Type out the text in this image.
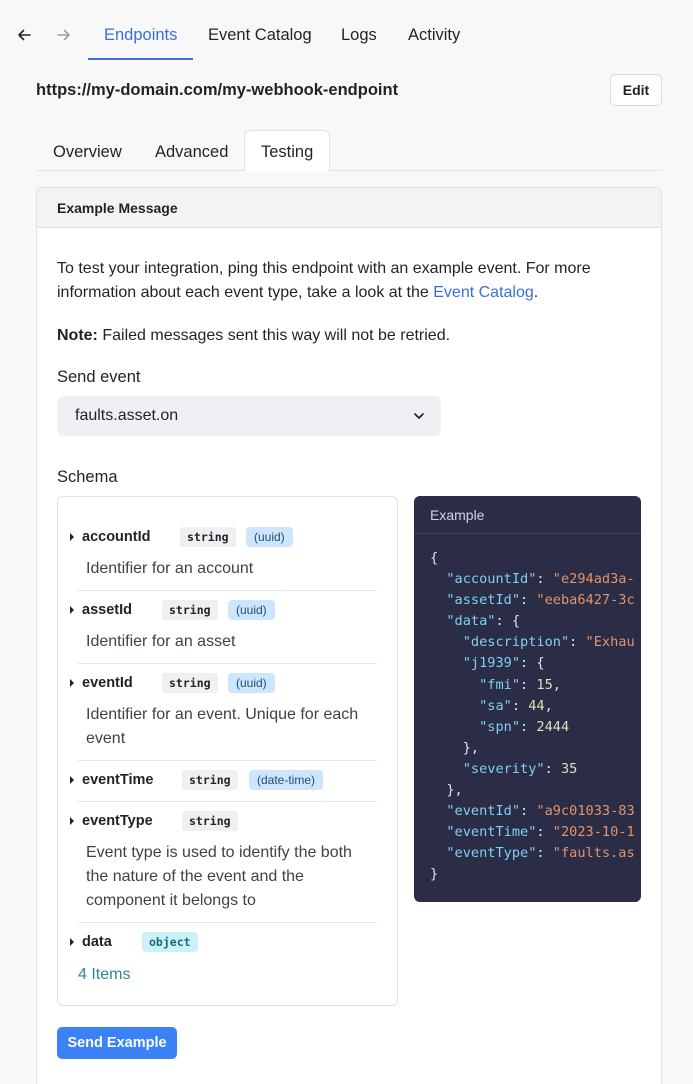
Endpoints Event Catalog Logs Activity
https://my-domain.com/my-webhook-endpoint	Edit
Overview Advanced Testing
Example Message
To test your integration, ping this endpoint with an example event. For more information about each event type, take a look at the Event Catalog.
Note: Failed messages sent this way will not be retried.
Send event
faults.asset.on
Schema
accountId	string	(uuid)
Identifier for an account
assetId	string	(uuid)
Identifier for an asset
eventId	string	(uuid)
Identifier for an event. Unique for each event
eventTime	string	(date-time)
eventType	string
Event type is used to identify the both the nature of the event and the component it belongs to
data	object
4 Items
Example
{
"accountId": "e294ad3a-
"assetId": "eeba6427-3c
"data": {
"description": "Exhau
"j1939": {
"fmi": 15,
"sa": 44,
"spn": 2444
},
"severity": 35
},
"eventId": "a9c01033-83
"eventTime": "2023-10-1
"eventType": "faults.as
}
Send Example
